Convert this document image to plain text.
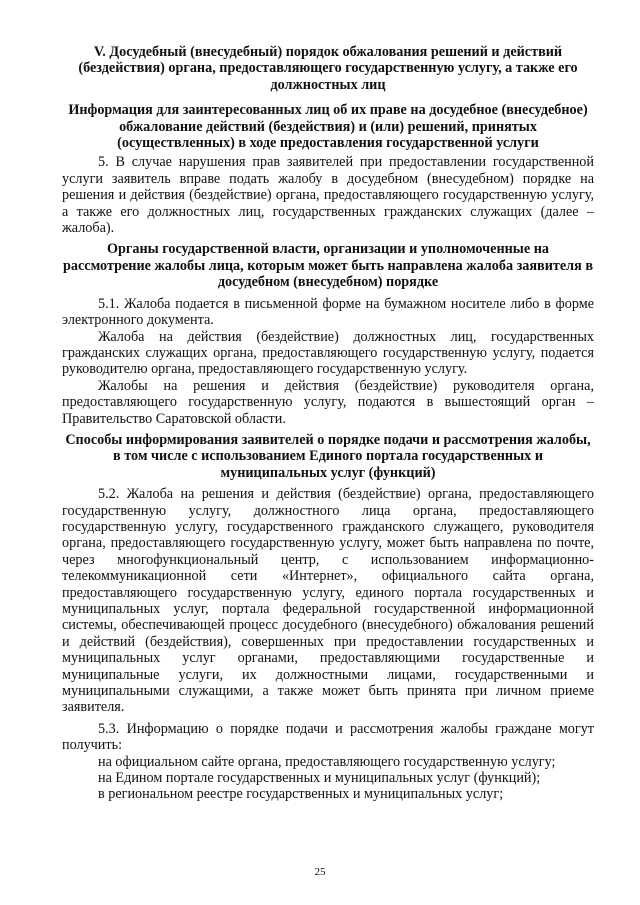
V. Досудебный (внесудебный) порядок обжалования решений и действий (бездействия) органа, предоставляющего государственную услугу, а также его должностных лиц
Информация для заинтересованных лиц об их праве на досудебное (внесудебное) обжалование действий (бездействия) и (или) решений, принятых (осуществленных) в ходе предоставления государственной услуги

5. В случае нарушения прав заявителей при предоставлении государственной услуги заявитель вправе подать жалобу в досудебном (внесудебном) порядке на решения и действия (бездействие) органа, предоставляющего государственную услугу, а также его должностных лиц, государственных гражданских служащих (далее – жалоба).

Органы государственной власти, организации и уполномоченные на рассмотрение жалобы лица, которым может быть направлена жалоба заявителя в досудебном (внесудебном) порядке

5.1. Жалоба подается в письменной форме на бумажном носителе либо в форме электронного документа.

Жалоба на действия (бездействие) должностных лиц, государственных гражданских служащих органа, предоставляющего государственную услугу, подается руководителю органа, предоставляющего государственную услугу.

Жалобы на решения и действия (бездействие) руководителя органа, предоставляющего государственную услугу, подаются в вышестоящий орган – Правительство Саратовской области.

Способы информирования заявителей о порядке подачи и рассмотрения жалобы, в том числе с использованием Единого портала государственных и муниципальных услуг (функций)

5.2. Жалоба на решения и действия (бездействие) органа, предоставляющего государственную услугу, должностного лица органа, предоставляющего государственную услугу, государственного гражданского служащего, руководителя органа, предоставляющего государственную услугу, может быть направлена по почте, через многофункциональный центр, с использованием информационно-телекоммуникационной сети «Интернет», официального сайта органа, предоставляющего государственную услугу, единого портала государственных и муниципальных услуг, портала федеральной государственной информационной системы, обеспечивающей процесс досудебного (внесудебного) обжалования решений и действий (бездействия), совершенных при предоставлении государственных и муниципальных услуг органами, предоставляющими государственные и муниципальные услуги, их должностными лицами, государственными и муниципальными служащими, а также может быть принята при личном приеме заявителя.

5.3. Информацию о порядке подачи и рассмотрения жалобы граждане могут получить:

на официальном сайте органа, предоставляющего государственную услугу;

на Едином портале государственных и муниципальных услуг (функций);

в региональном реестре государственных и муниципальных услуг;

25
